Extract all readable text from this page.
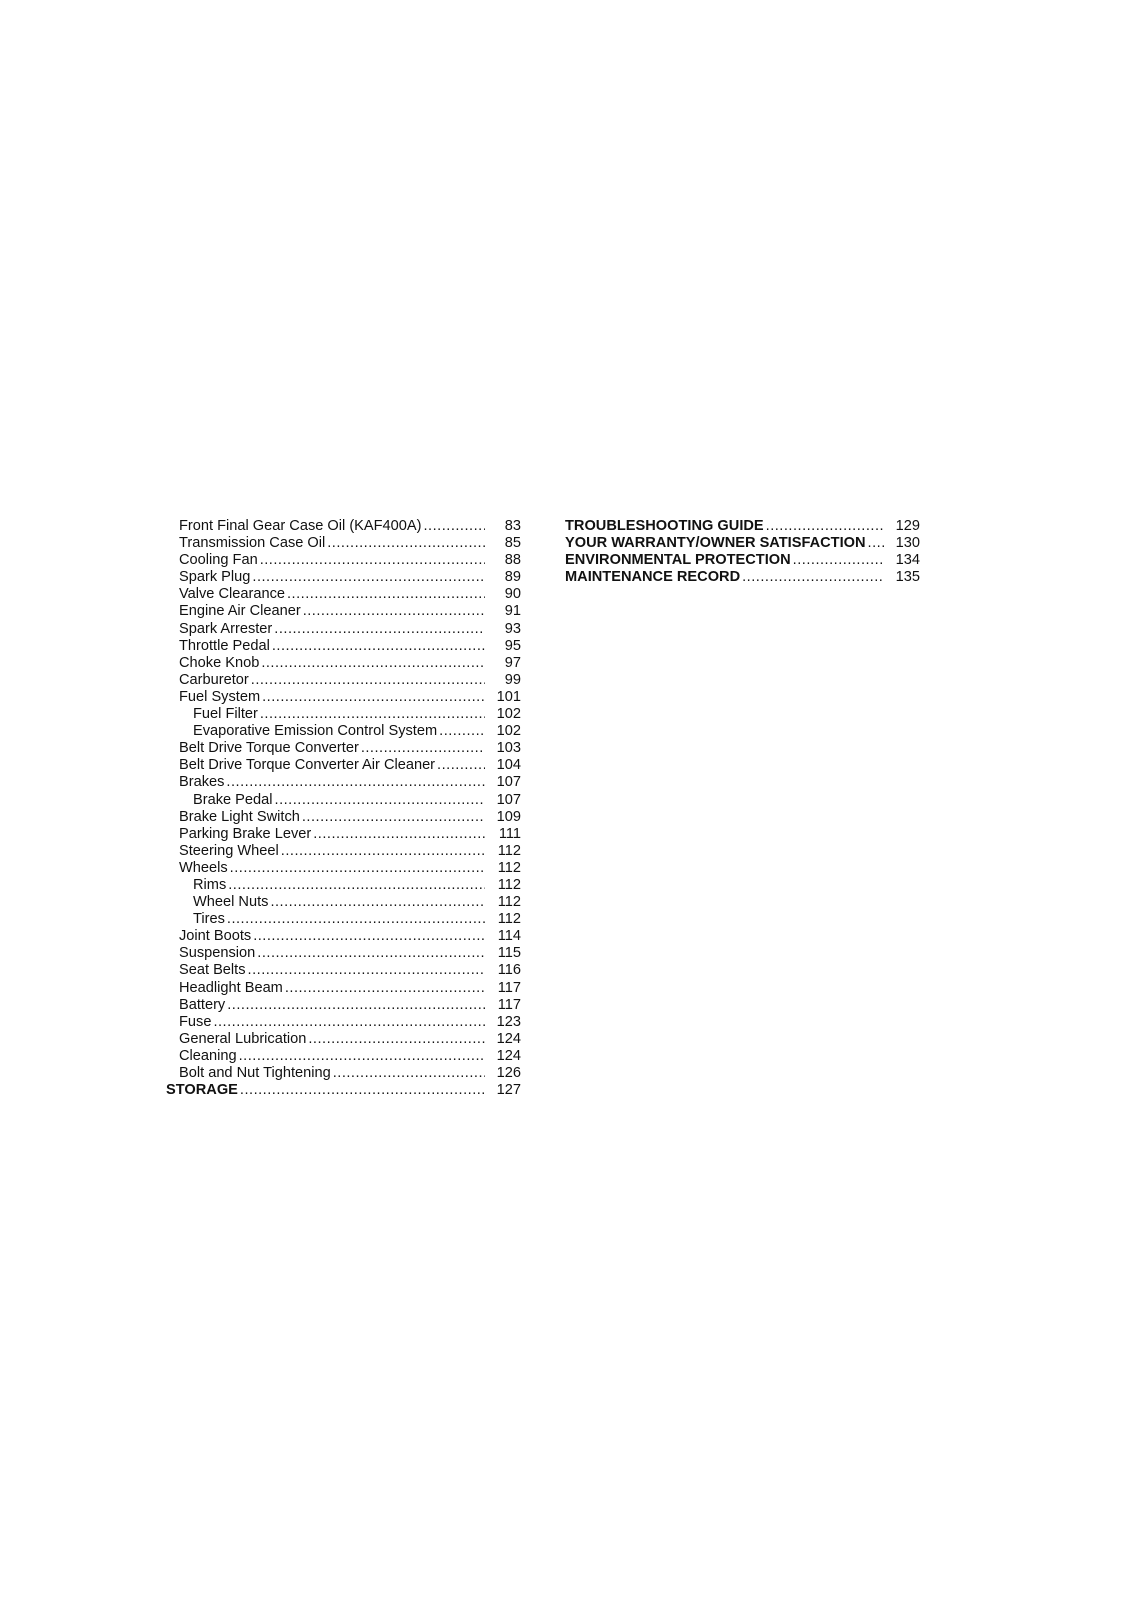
Front Final Gear Case Oil (KAF400A) .....	83
Transmission Case Oil .....	85
Cooling Fan .....	88
Spark Plug .....	89
Valve Clearance .....	90
Engine Air Cleaner .....	91
Spark Arrester .....	93
Throttle Pedal .....	95
Choke Knob .....	97
Carburetor .....	99
Fuel System .....	101
Fuel Filter .....	102
Evaporative Emission Control System .....	102
Belt Drive Torque Converter .....	103
Belt Drive Torque Converter Air Cleaner .....	104
Brakes .....	107
Brake Pedal .....	107
Brake Light Switch .....	109
Parking Brake Lever .....	111
Steering Wheel .....	112
Wheels .....	112
Rims .....	112
Wheel Nuts .....	112
Tires .....	112
Joint Boots .....	114
Suspension .....	115
Seat Belts .....	116
Headlight Beam .....	117
Battery .....	117
Fuse .....	123
General Lubrication .....	124
Cleaning .....	124
Bolt and Nut Tightening .....	126
STORAGE .....	127
TROUBLESHOOTING GUIDE .....	129
YOUR WARRANTY/OWNER SATISFACTION .....	130
ENVIRONMENTAL PROTECTION .....	134
MAINTENANCE RECORD .....	135
